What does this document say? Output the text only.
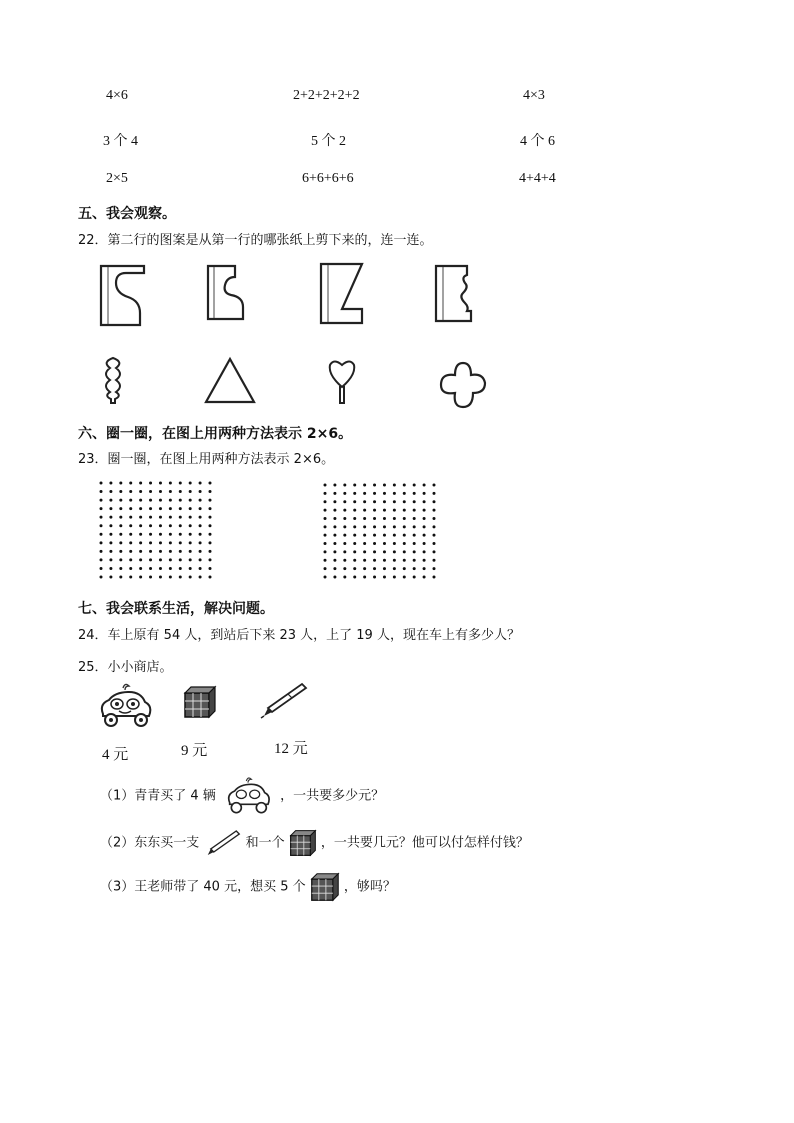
4×6	2+2+2+2+2	4×3
3 个 4	5 个 2	4 个 6
2×5	6+6+6+6	4+4+4
五、我会观察。
22．第二行的图案是从第一行的哪张纸上剪下来的，连一连。
六、圈一圈，在图上用两种方法表示 2×6。
23．圈一圈，在图上用两种方法表示 2×6。
七、我会联系生活，解决问题。
24．车上原有 54 人，到站后下来 23 人，上了 19 人，现在车上有多少人？
25．小小商店。
4 元	9 元	12 元
（1）青青买了 4 辆	，一共要多少元？
（2）东东买一支	和一个	，一共要几元？他可以付怎样付钱？
（3）王老师带了 40 元，想买 5 个	，够吗？
